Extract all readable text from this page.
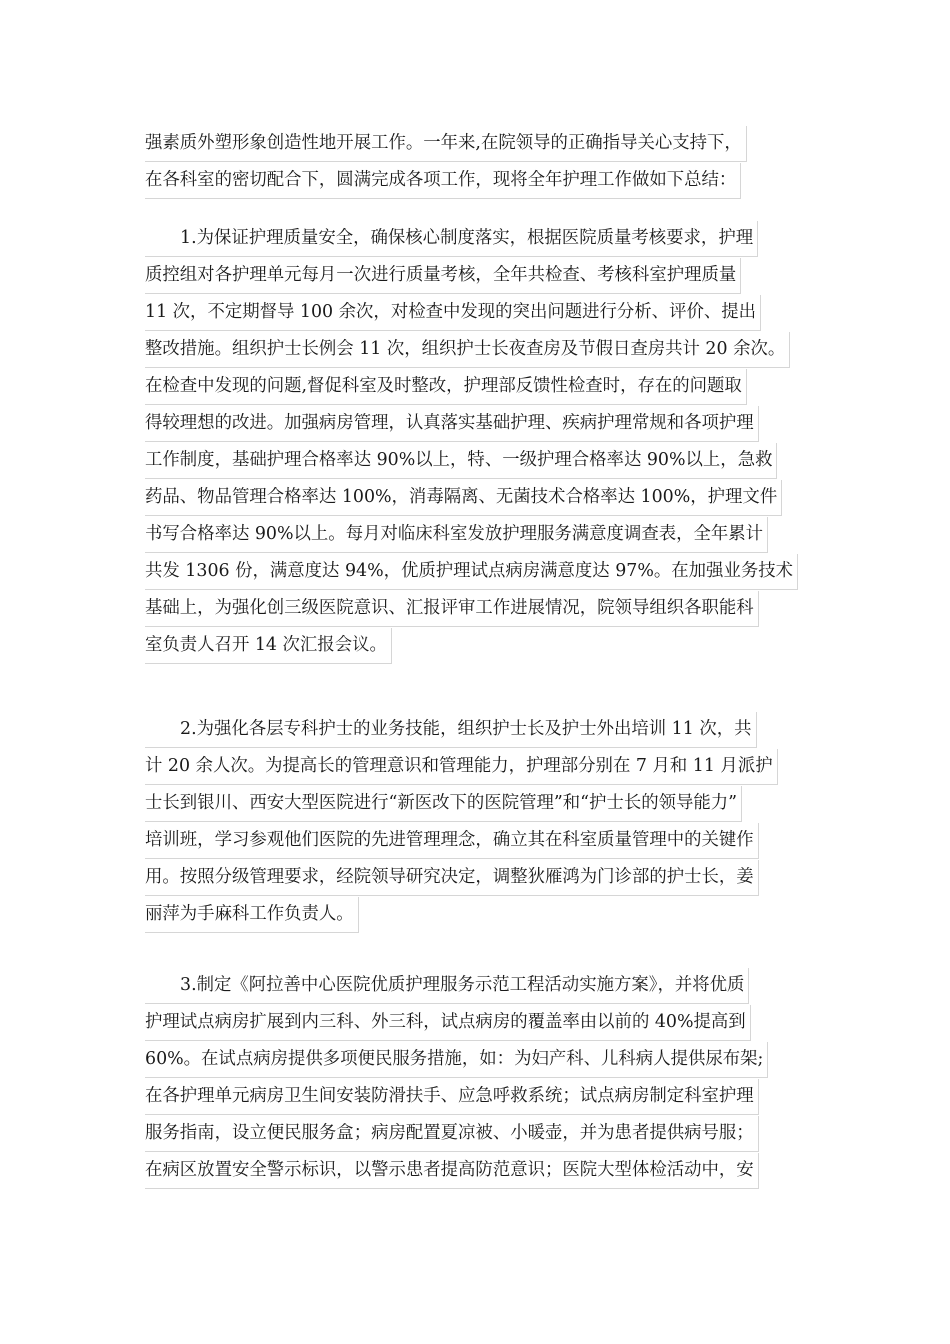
强素质外塑形象创造性地开展工作。一年来,在院领导的正确指导关心支持下，
在各科室的密切配合下，圆满完成各项工作，现将全年护理工作做如下总结：
1.为保证护理质量安全，确保核心制度落实，根据医院质量考核要求，护理
质控组对各护理单元每月一次进行质量考核，全年共检查、考核科室护理质量
11 次，不定期督导 100 余次，对检查中发现的突出问题进行分析、评价、提出
整改措施。组织护士长例会 11 次，组织护士长夜查房及节假日查房共计 20 余次。
在检查中发现的问题,督促科室及时整改，护理部反馈性检查时，存在的问题取
得较理想的改进。加强病房管理，认真落实基础护理、疾病护理常规和各项护理
工作制度，基础护理合格率达 90%以上，特、一级护理合格率达 90%以上，急救
药品、物品管理合格率达 100%，消毒隔离、无菌技术合格率达 100%，护理文件
书写合格率达 90%以上。每月对临床科室发放护理服务满意度调查表，全年累计
共发 1306 份，满意度达 94%，优质护理试点病房满意度达 97%。在加强业务技术
基础上，为强化创三级医院意识、汇报评审工作进展情况，院领导组织各职能科
室负责人召开 14 次汇报会议。
2.为强化各层专科护士的业务技能，组织护士长及护士外出培训 11 次，共
计 20 余人次。为提高长的管理意识和管理能力，护理部分别在 7 月和 11 月派护
士长到银川、西安大型医院进行“新医改下的医院管理”和“护士长的领导能力”
培训班，学习参观他们医院的先进管理理念，确立其在科室质量管理中的关键作
用。按照分级管理要求，经院领导研究决定，调整狄雁鸿为门诊部的护士长，姜
丽萍为手麻科工作负责人。
3.制定《阿拉善中心医院优质护理服务示范工程活动实施方案》，并将优质
护理试点病房扩展到内三科、外三科，试点病房的覆盖率由以前的 40%提高到
60%。在试点病房提供多项便民服务措施，如：为妇产科、儿科病人提供尿布架;
在各护理单元病房卫生间安装防滑扶手、应急呼救系统；试点病房制定科室护理
服务指南，设立便民服务盒；病房配置夏凉被、小暖壶，并为患者提供病号服；
在病区放置安全警示标识，以警示患者提高防范意识；医院大型体检活动中，安
